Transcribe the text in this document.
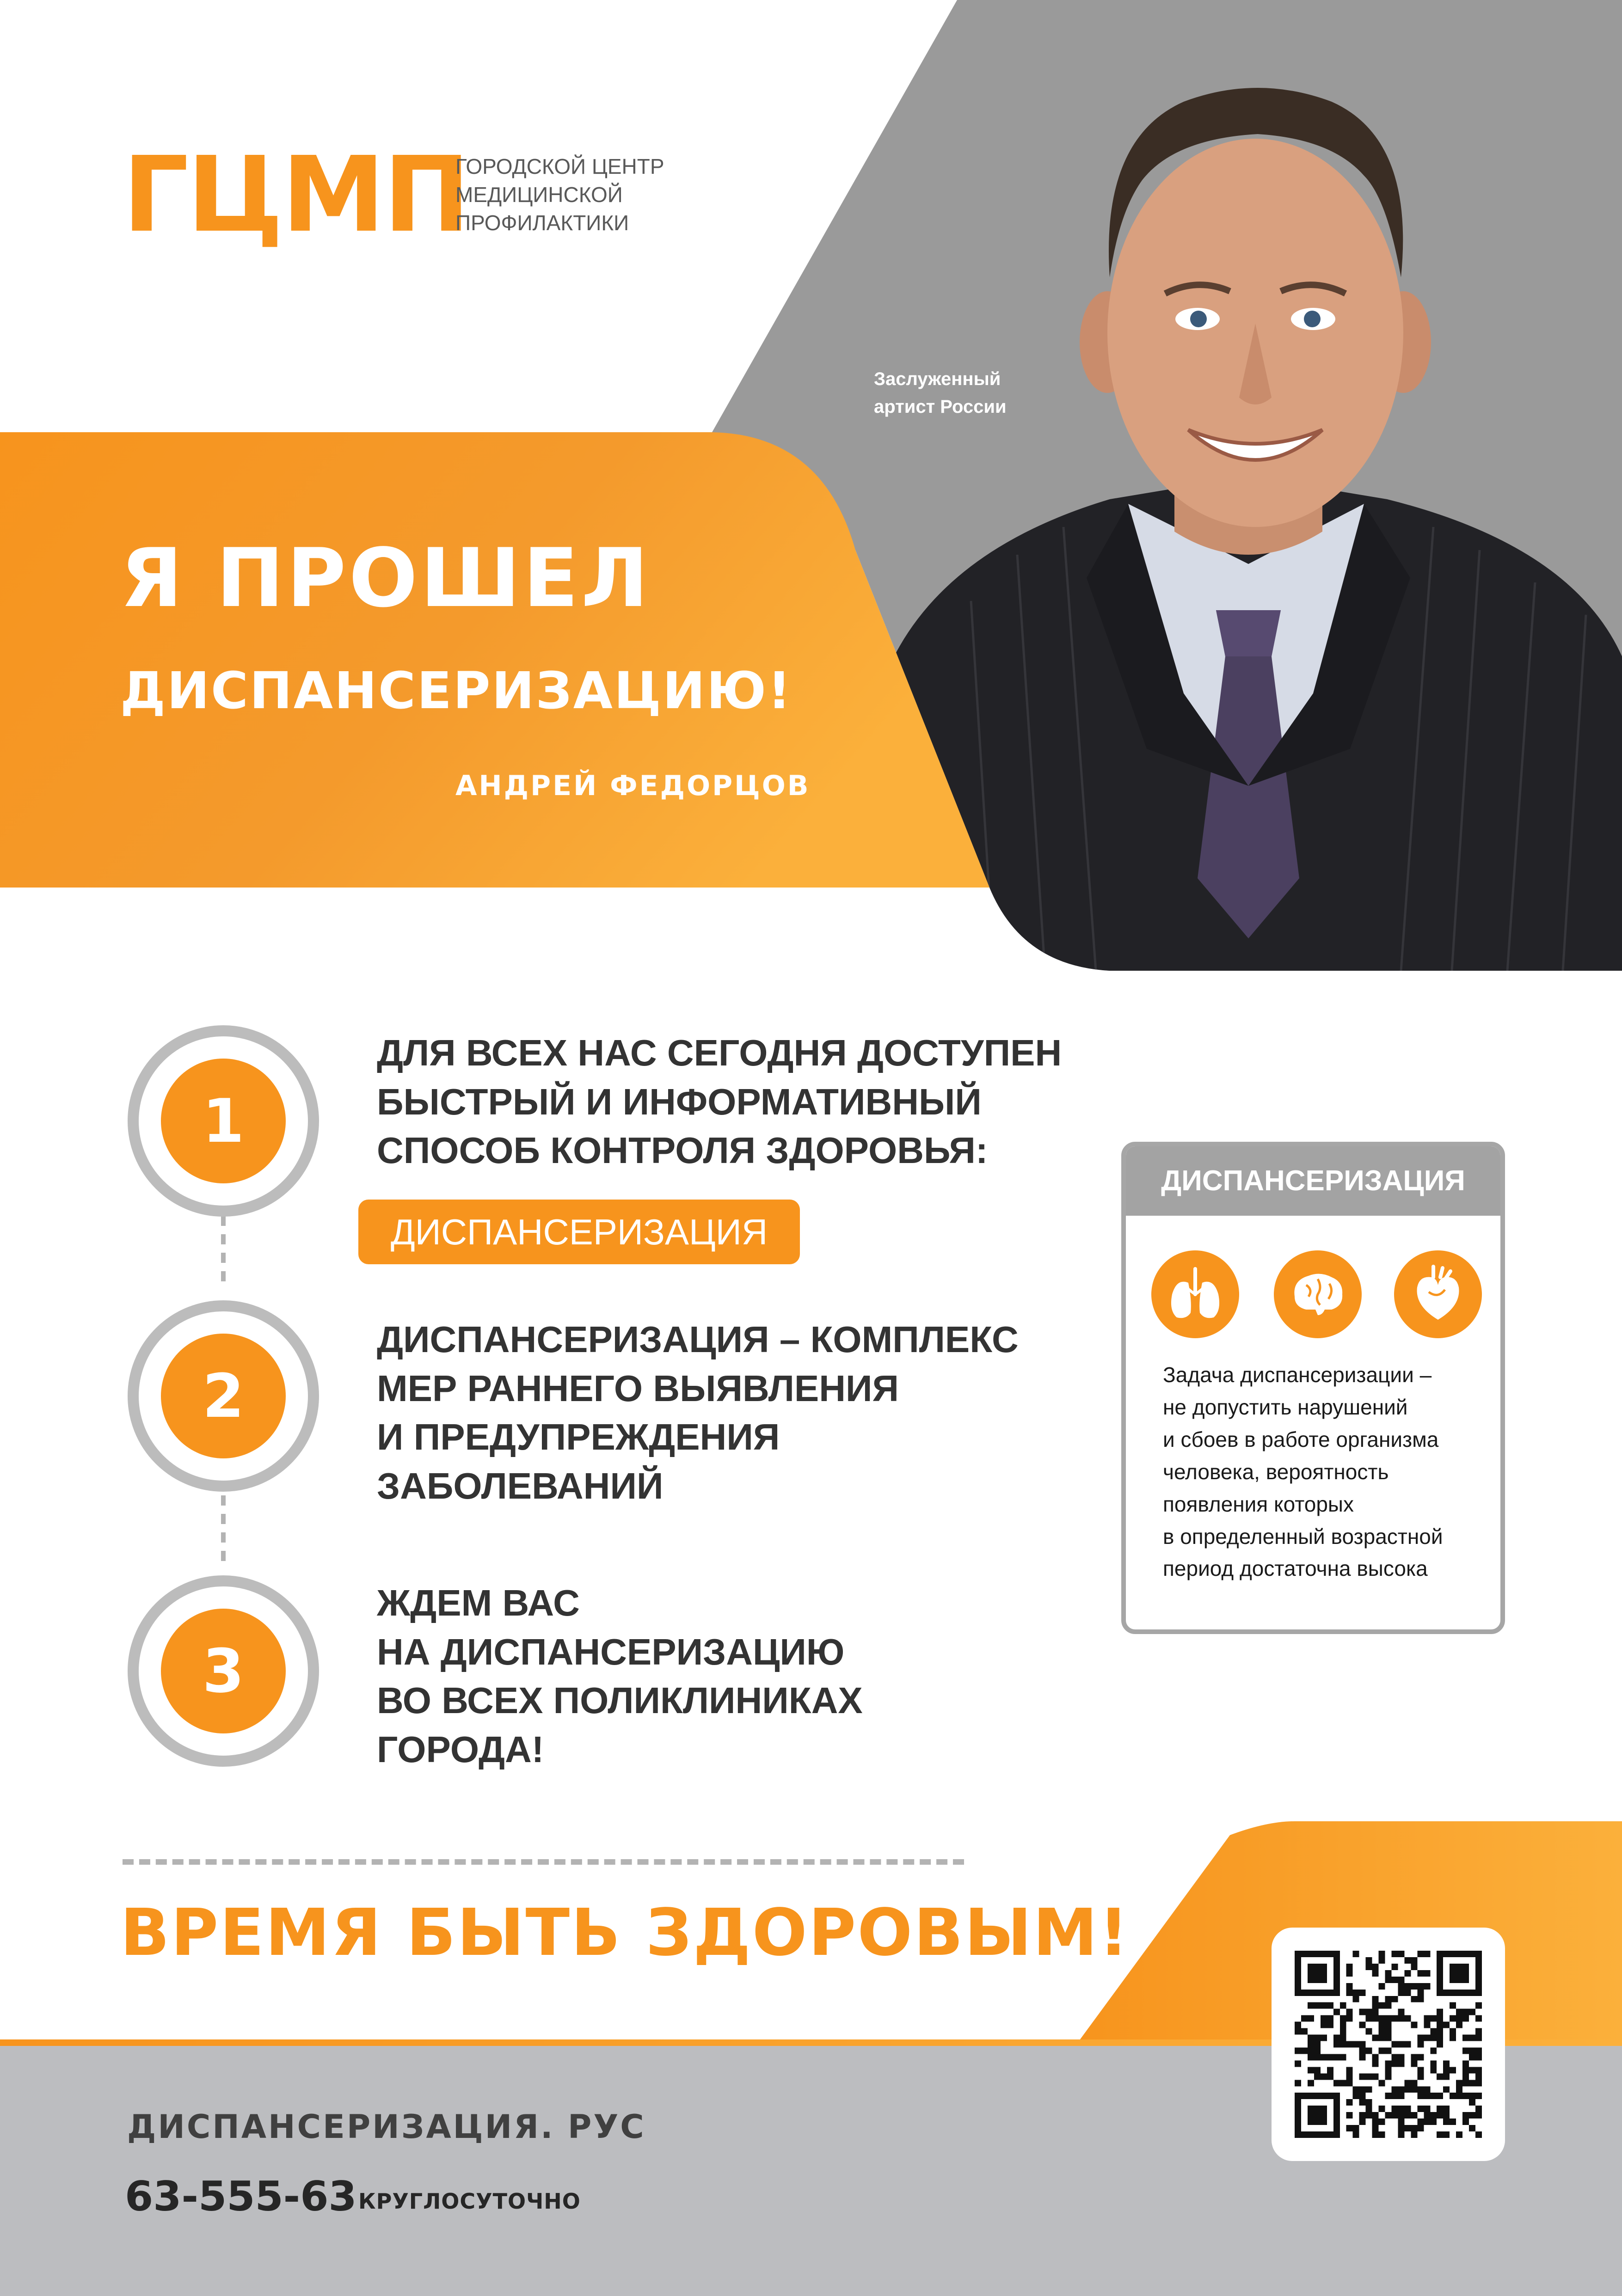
ГЦМП
ГОРОДСКОЙ ЦЕНТР
МЕДИЦИНСКОЙ
ПРОФИЛАКТИКИ
Заслуженный
артист России
Я ПРОШЕЛ
ДИСПАНСЕРИЗАЦИЮ!
АНДРЕЙ ФЕДОРЦОВ
1
2
3
ДЛЯ ВСЕХ НАС СЕГОДНЯ ДОСТУПЕН
БЫСТРЫЙ И ИНФОРМАТИВНЫЙ
СПОСОБ КОНТРОЛЯ ЗДОРОВЬЯ:
ДИСПАНСЕРИЗАЦИЯ
ДИСПАНСЕРИЗАЦИЯ – КОМПЛЕКС
МЕР РАННЕГО ВЫЯВЛЕНИЯ
И ПРЕДУПРЕЖДЕНИЯ
ЗАБОЛЕВАНИЙ
ЖДЕМ ВАС
НА ДИСПАНСЕРИЗАЦИЮ
ВО ВСЕХ ПОЛИКЛИНИКАХ
ГОРОДА!
ДИСПАНСЕРИЗАЦИЯ
Задача диспансеризации –
не допустить нарушений
и сбоев в работе организма
человека, вероятность
появления которых
в определенный возрастной
период достаточна высока
ВРЕМЯ БЫТЬ ЗДОРОВЫМ!
ДИСПАНСЕРИЗАЦИЯ. РУС
63-555-63 КРУГЛОСУТОЧНО
